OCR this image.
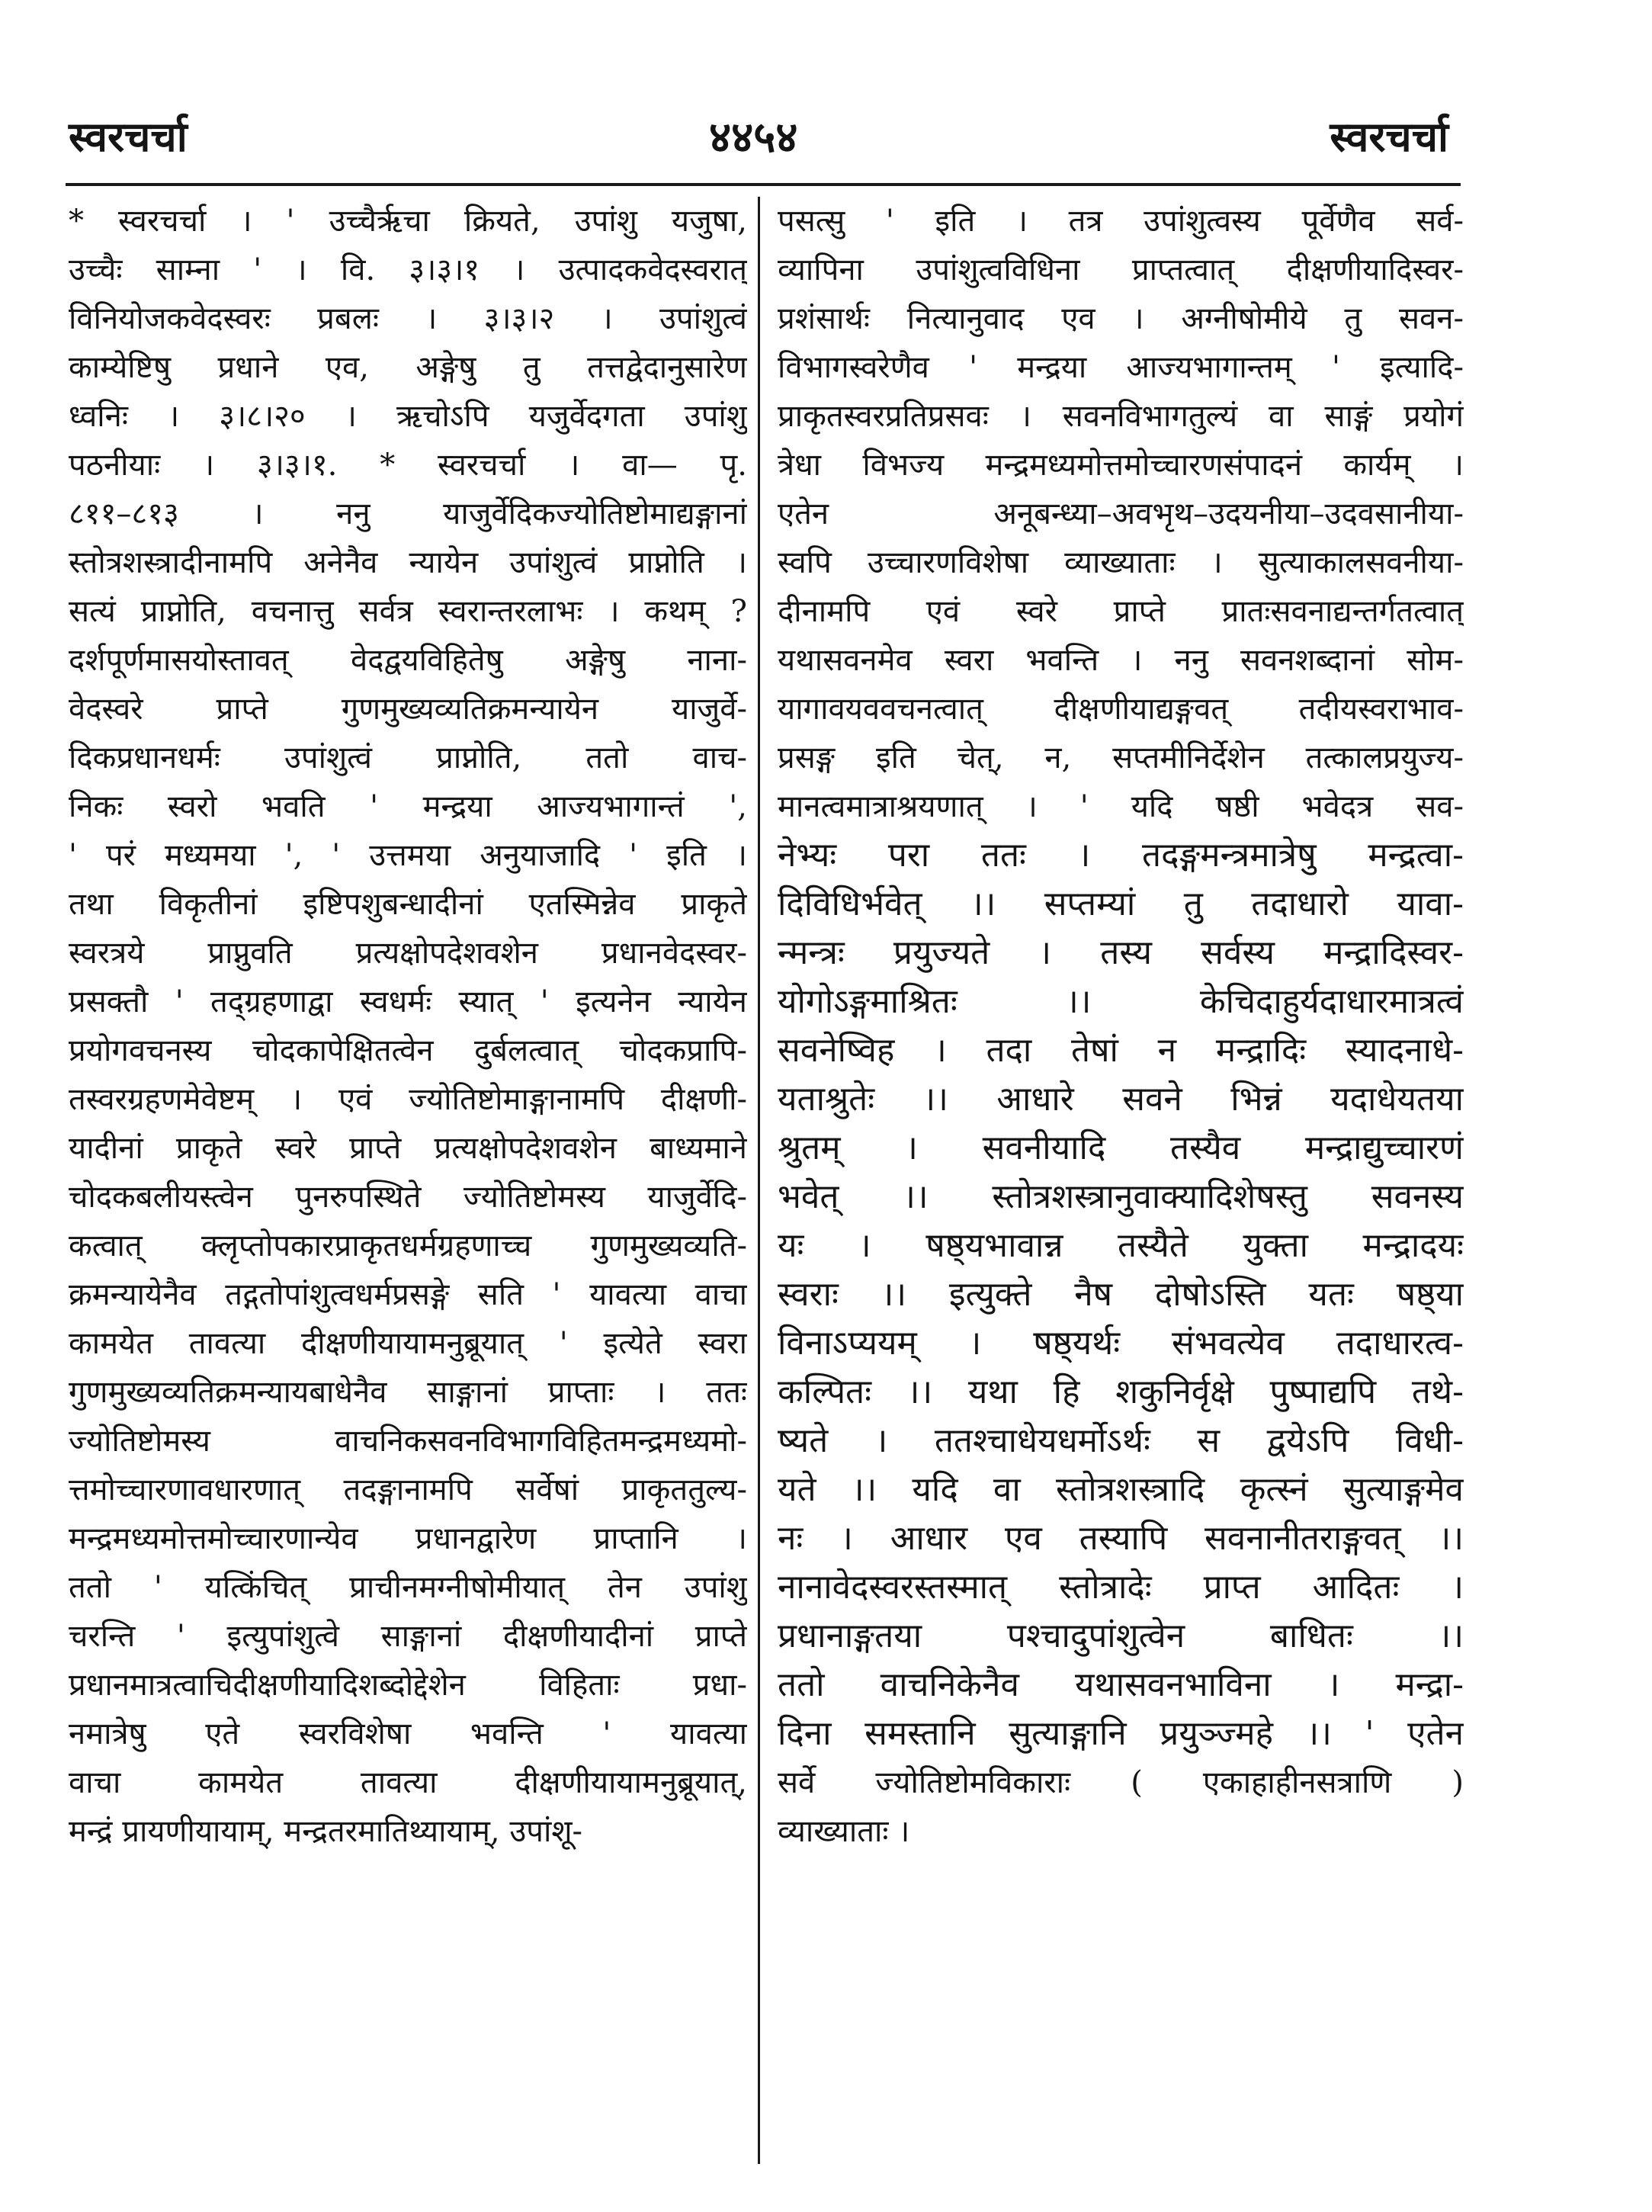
स्वरचर्चा	४४५४	स्वरचर्चा
* स्वरचर्चा । ' उच्चैर्ऋचा क्रियते, उपांशु यजुषा,
उच्चैः साम्ना ' । वि. ३।३।१ । उत्पादकवेदस्वरात्
विनियोजकवेदस्वरः प्रबलः । ३।३।२ । उपांशुत्वं
काम्येष्टिषु प्रधाने एव, अङ्गेषु तु तत्तद्वेदानुसारेण
ध्वनिः । ३।८।२० । ऋचोऽपि यजुर्वेदगता उपांशु
पठनीयाः । ३।३।१. * स्वरचर्चा । वा— पृ.
८११–८१३ । ननु याजुर्वेदिकज्योतिष्टोमाद्यङ्गानां
स्तोत्रशस्त्रादीनामपि अनेनैव न्यायेन उपांशुत्वं प्राप्नोति ।
सत्यं प्राप्नोति, वचनात्तु सर्वत्र स्वरान्तरलाभः । कथम् ?
दर्शपूर्णमासयोस्तावत् वेदद्वयविहितेषु अङ्गेषु नाना-
वेदस्वरे प्राप्ते गुणमुख्यव्यतिक्रमन्यायेन याजुर्वे-
दिकप्रधानधर्मः उपांशुत्वं प्राप्नोति, ततो वाच-
निकः स्वरो भवति ' मन्द्रया आज्यभागान्तं ',
' परं मध्यमया ', ' उत्तमया अनुयाजादि ' इति ।
तथा विकृतीनां इष्टिपशुबन्धादीनां एतस्मिन्नेव प्राकृते
स्वरत्रये प्राप्नुवति प्रत्यक्षोपदेशवशेन प्रधानवेदस्वर-
प्रसक्तौ ' तद्ग्रहणाद्वा स्वधर्मः स्यात् ' इत्यनेन न्यायेन
प्रयोगवचनस्य चोदकापेक्षितत्वेन दुर्बलत्वात् चोदकप्रापि-
तस्वरग्रहणमेवेष्टम् । एवं ज्योतिष्टोमाङ्गानामपि दीक्षणी-
यादीनां प्राकृते स्वरे प्राप्ते प्रत्यक्षोपदेशवशेन बाध्यमाने
चोदकबलीयस्त्वेन पुनरुपस्थिते ज्योतिष्टोमस्य याजुर्वेदि-
कत्वात् क्लृप्तोपकारप्राकृतधर्मग्रहणाच्च गुणमुख्यव्यति-
क्रमन्यायेनैव तद्गतोपांशुत्वधर्मप्रसङ्गे सति ' यावत्या वाचा
कामयेत तावत्या दीक्षणीयायामनुब्रूयात् ' इत्येते स्वरा
गुणमुख्यव्यतिक्रमन्यायबाधेनैव साङ्गानां प्राप्ताः । ततः
ज्योतिष्टोमस्य वाचनिकसवनविभागविहितमन्द्रमध्यमो-
त्तमोच्चारणावधारणात् तदङ्गानामपि सर्वेषां प्राकृततुल्य-
मन्द्रमध्यमोत्तमोच्चारणान्येव प्रधानद्वारेण प्राप्तानि ।
ततो ' यत्किंचित् प्राचीनमग्नीषोमीयात् तेन उपांशु
चरन्ति ' इत्युपांशुत्वे साङ्गानां दीक्षणीयादीनां प्राप्ते
प्रधानमात्रत्वाचिदीक्षणीयादिशब्दोद्देशेन विहिताः प्रधा-
नमात्रेषु एते स्वरविशेषा भवन्ति ' यावत्या
वाचा कामयेत तावत्या दीक्षणीयायामनुब्रूयात्,
मन्द्रं प्रायणीयायाम्, मन्द्रतरमातिथ्यायाम्, उपांशू-
पसत्सु ' इति । तत्र उपांशुत्वस्य पूर्वेणैव सर्व-
व्यापिना उपांशुत्वविधिना प्राप्तत्वात् दीक्षणीयादिस्वर-
प्रशंसार्थः नित्यानुवाद एव । अग्नीषोमीये तु सवन-
विभागस्वरेणैव ' मन्द्रया आज्यभागान्तम् ' इत्यादि-
प्राकृतस्वरप्रतिप्रसवः । सवनविभागतुल्यं वा साङ्गं प्रयोगं
त्रेधा विभज्य मन्द्रमध्यमोत्तमोच्चारणसंपादनं कार्यम् ।
एतेन अनूबन्ध्या–अवभृथ–उदयनीया–उदवसानीया-
स्वपि उच्चारणविशेषा व्याख्याताः । सुत्याकालसवनीया-
दीनामपि एवं स्वरे प्राप्ते प्रातःसवनाद्यन्तर्गतत्वात्
यथासवनमेव स्वरा भवन्ति । ननु सवनशब्दानां सोम-
यागावयववचनत्वात् दीक्षणीयाद्यङ्गवत् तदीयस्वराभाव-
प्रसङ्ग इति चेत्, न, सप्तमीनिर्देशेन तत्कालप्रयुज्य-
मानत्वमात्राश्रयणात् । ' यदि षष्ठी भवेदत्र सव-
नेभ्यः परा ततः । तदङ्गमन्त्रमात्रेषु मन्द्रत्वा-
दिविधिर्भवेत् ।। सप्तम्यां तु तदाधारो यावा-
न्मन्त्रः प्रयुज्यते । तस्य सर्वस्य मन्द्रादिस्वर-
योगोऽङ्गमाश्रितः ।। केचिदाहुर्यदाधारमात्रत्वं
सवनेष्विह । तदा तेषां न मन्द्रादिः स्यादनाधे-
यताश्रुतेः ।। आधारे सवने भिन्नं यदाधेयतया
श्रुतम् । सवनीयादि तस्यैव मन्द्राद्युच्चारणं
भवेत् ।। स्तोत्रशस्त्रानुवाक्यादिशेषस्तु सवनस्य
यः । षष्ठ्यभावान्न तस्यैते युक्ता मन्द्रादयः
स्वराः ।। इत्युक्ते नैष दोषोऽस्ति यतः षष्ठ्या
विनाऽप्ययम् । षष्ठ्यर्थः संभवत्येव तदाधारत्व-
कल्पितः ।। यथा हि शकुनिर्वृक्षे पुष्पाद्यपि तथे-
ष्यते । ततश्चाधेयधर्मोऽर्थः स द्वयेऽपि विधी-
यते ।। यदि वा स्तोत्रशस्त्रादि कृत्स्नं सुत्याङ्गमेव
नः । आधार एव तस्यापि सवनानीतराङ्गवत् ।।
नानावेदस्वरस्तस्मात् स्तोत्रादेः प्राप्त आदितः ।
प्रधानाङ्गतया पश्चादुपांशुत्वेन बाधितः ।।
ततो वाचनिकेनैव यथासवनभाविना । मन्द्रा-
दिना समस्तानि सुत्याङ्गानि प्रयुञ्ज्महे ।। ' एतेन
सर्वे ज्योतिष्टोमविकाराः ( एकाहाहीनसत्राणि )
व्याख्याताः ।
